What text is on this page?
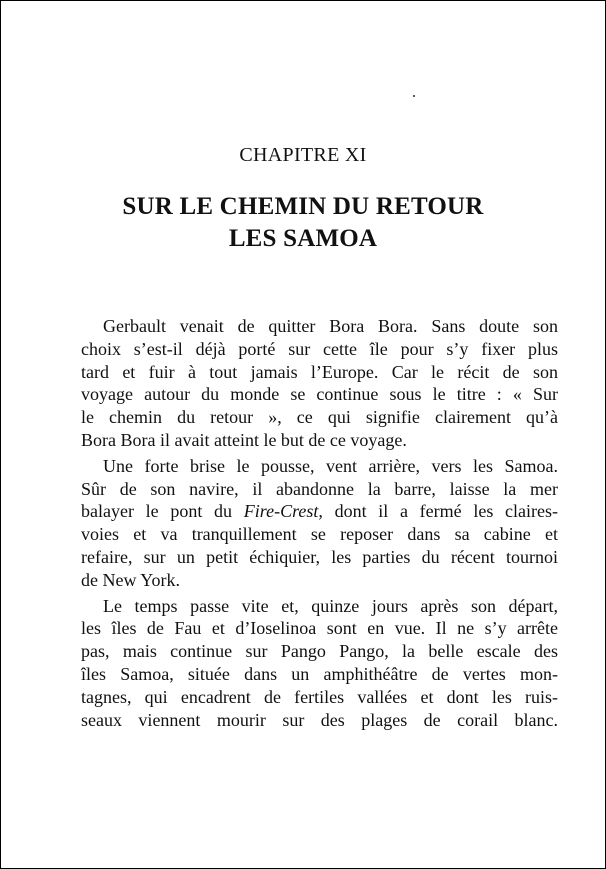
CHAPITRE XI
SUR LE CHEMIN DU RETOUR
LES SAMOA

Gerbault venait de quitter Bora Bora. Sans doute son
choix s’est-il déjà porté sur cette île pour s’y fixer plus
tard et fuir à tout jamais l’Europe. Car le récit de son
voyage autour du monde se continue sous le titre : « Sur
le chemin du retour », ce qui signifie clairement qu’à
Bora Bora il avait atteint le but de ce voyage.

Une forte brise le pousse, vent arrière, vers les Samoa.
Sûr de son navire, il abandonne la barre, laisse la mer
balayer le pont du Fire-Crest, dont il a fermé les claires-
voies et va tranquillement se reposer dans sa cabine et
refaire, sur un petit échiquier, les parties du récent tournoi
de New York.

Le temps passe vite et, quinze jours après son départ,
les îles de Fau et d’Ioselinoa sont en vue. Il ne s’y arrête
pas, mais continue sur Pango Pango, la belle escale des
îles Samoa, située dans un amphithéâtre de vertes mon-
tagnes, qui encadrent de fertiles vallées et dont les ruis-
seaux viennent mourir sur des plages de corail blanc.
